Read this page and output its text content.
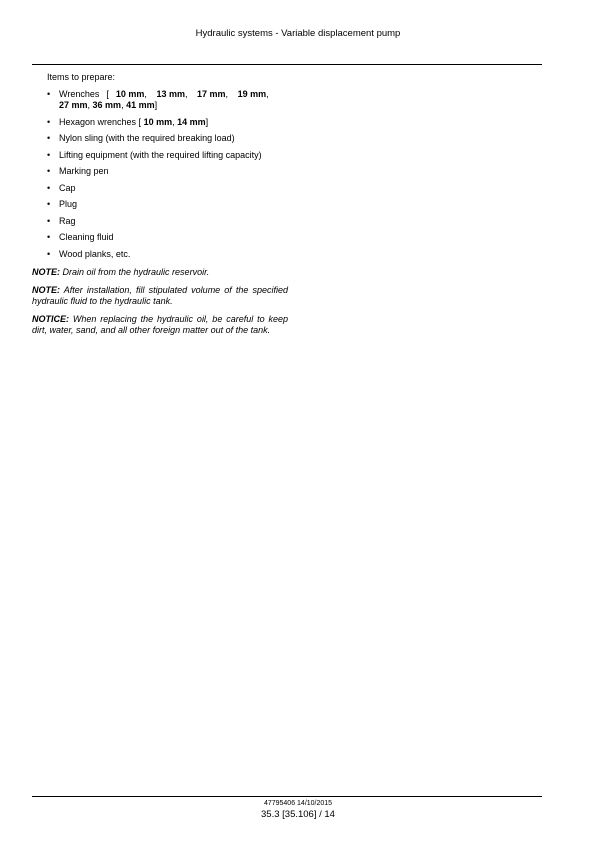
Hydraulic systems - Variable displacement pump
Items to prepare:
• Wrenches [ 10 mm, 13 mm, 17 mm, 19 mm,
27 mm, 36 mm, 41 mm]
• Hexagon wrenches [ 10 mm, 14 mm]
• Nylon sling (with the required breaking load)
• Lifting equipment (with the required lifting capacity)
• Marking pen
• Cap
• Plug
• Rag
• Cleaning fluid
• Wood planks, etc.
NOTE: Drain oil from the hydraulic reservoir.
NOTE: After installation, fill stipulated volume of the specified hydraulic fluid to the hydraulic tank.
NOTICE: When replacing the hydraulic oil, be careful to keep dirt, water, sand, and all other foreign matter out of the tank.
47795406 14/10/2015
35.3 [35.106] / 14
